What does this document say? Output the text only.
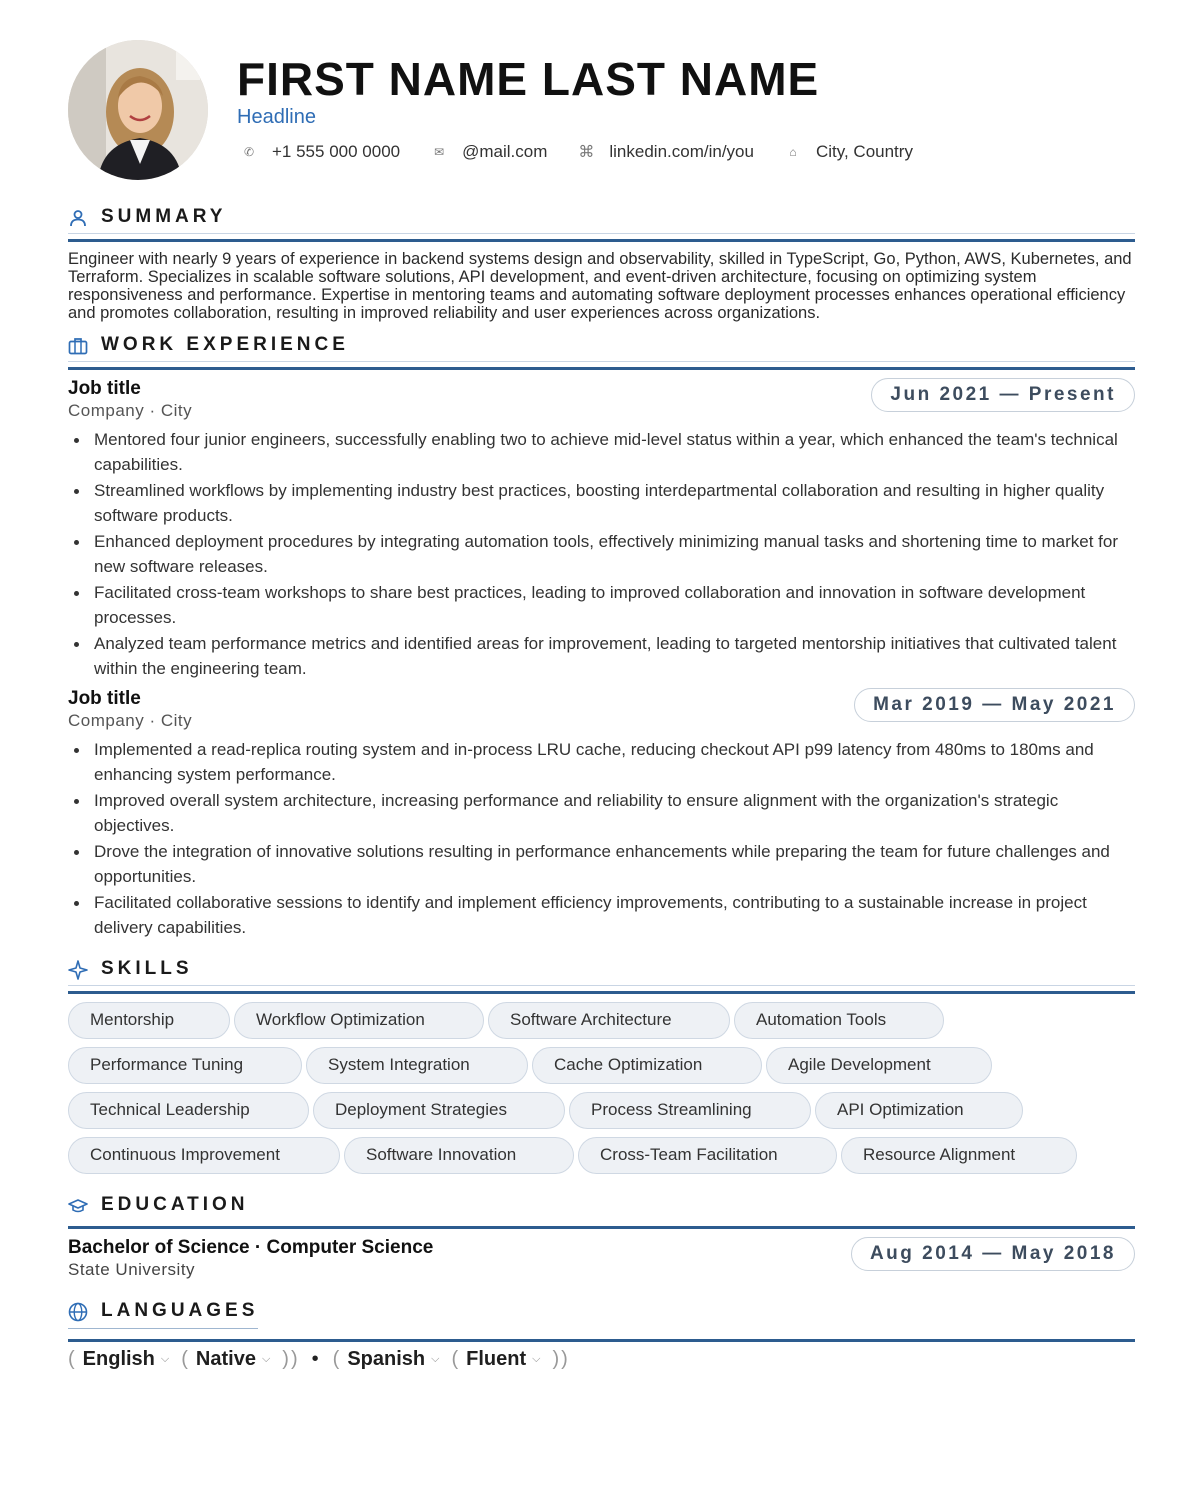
FIRST NAME LAST NAME
Headline
✆ +1 555 000 0000	✉ @mail.com ⌘ linkedin.com/in/you	⌂	City, Country
SUMMARY
Engineer with nearly 9 years of experience in backend systems design and observability, skilled in TypeScript, Go, Python, AWS, Kubernetes, and Terraform. Specializes in scalable software solutions, API development, and event-driven architecture, focusing on optimizing system responsiveness and performance. Expertise in mentoring teams and automating software deployment processes enhances operational efficiency and promotes collaboration, resulting in improved reliability and user experiences across organizations.
WORK EXPERIENCE
Job title
Company · City
Jun 2021 — Present
Mentored four junior engineers, successfully enabling two to achieve mid-level status within a year, which enhanced the team's technical capabilities.
Streamlined workflows by implementing industry best practices, boosting interdepartmental collaboration and resulting in higher quality software products.
Enhanced deployment procedures by integrating automation tools, effectively minimizing manual tasks and shortening time to market for new software releases.
Facilitated cross-team workshops to share best practices, leading to improved collaboration and innovation in software development processes.
Analyzed team performance metrics and identified areas for improvement, leading to targeted mentorship initiatives that cultivated talent within the engineering team.
Job title
Company · City
Mar 2019 — May 2021
Implemented a read-replica routing system and in-process LRU cache, reducing checkout API p99 latency from 480ms to 180ms and enhancing system performance.
Improved overall system architecture, increasing performance and reliability to ensure alignment with the organization's strategic objectives.
Drove the integration of innovative solutions resulting in performance enhancements while preparing the team for future challenges and opportunities.
Facilitated collaborative sessions to identify and implement efficiency improvements, contributing to a sustainable increase in project delivery capabilities.
SKILLS
Mentorship	Workflow Optimization	Software Architecture	Automation Tools
Performance Tuning	System Integration	Cache Optimization	Agile Development
Technical Leadership	Deployment Strategies	Process Streamlining	API Optimization
Continuous Improvement	Software Innovation	Cross-Team Facilitation	Resource Alignment
EDUCATION
Bachelor of Science · Computer Science
State University
Aug 2014 — May 2018
LANGUAGES
( English ⌵ ( Native ⌵ ) ) • ( Spanish ⌵ ( Fluent ⌵ ) )
